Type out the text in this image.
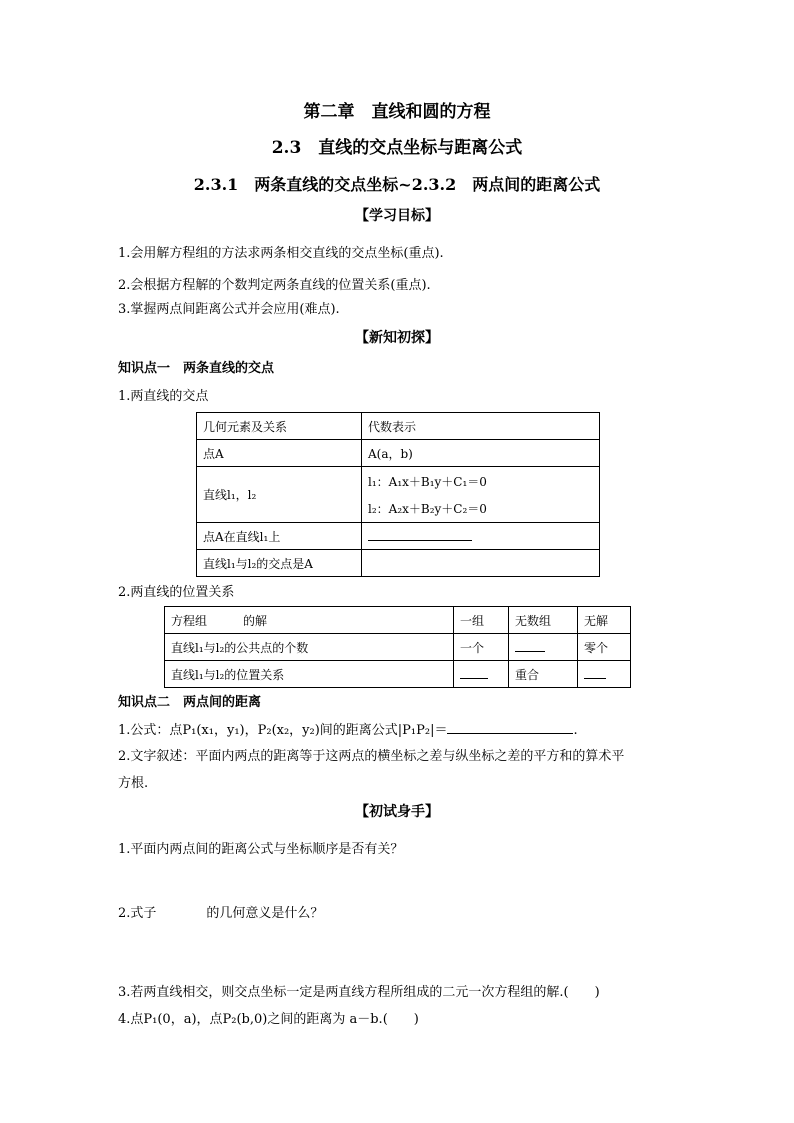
第二章　直线和圆的方程
2.3　直线的交点坐标与距离公式
2.3.1　两条直线的交点坐标~2.3.2　两点间的距离公式
【学习目标】
1.会用解方程组的方法求两条相交直线的交点坐标(重点).
2.会根据方程解的个数判定两条直线的位置关系(重点).
3.掌握两点间距离公式并会应用(难点).
【新知初探】
知识点一　两条直线的交点
1.两直线的交点
几何元素及关系	代数表示
点A	A(a，b)
直线l₁，l₂	l₁：A₁x＋B₁y＋C₁＝0
l₂：A₂x＋B₂y＋C₂＝0

点A在直线l₁上	
直线l₁与l₂的交点是A	
2.两直线的位置关系
方程组　　　的解	一组	无数组	无解
直线l₁与l₂的公共点的个数	一个		零个
直线l₁与l₂的位置关系		重合	
知识点二　两点间的距离
1.公式：点P₁(x₁，y₁)，P₂(x₂，y₂)间的距离公式|P₁P₂|＝	.
2.文字叙述：平面内两点的距离等于这两点的横坐标之差与纵坐标之差的平方和的算术平
方根.
【初试身手】
1.平面内两点间的距离公式与坐标顺序是否有关？
2.式子	的几何意义是什么？
3.若两直线相交，则交点坐标一定是两直线方程所组成的二元一次方程组的解.(　　)
4.点P₁(0，a)，点P₂(b,0)之间的距离为 a－b.(　　)
